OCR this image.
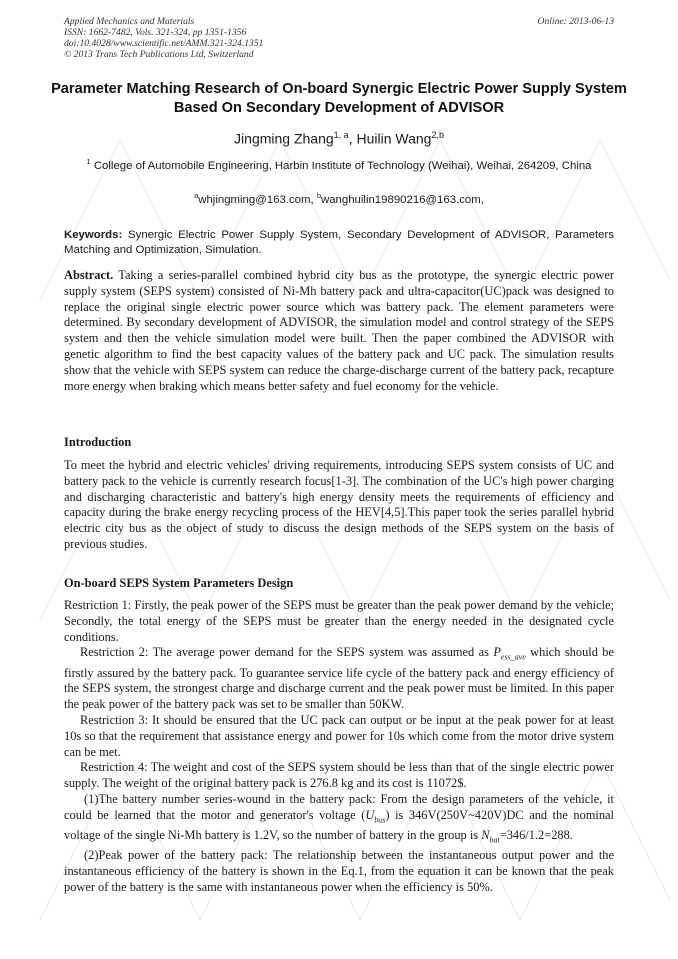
Applied Mechanics and Materials
ISSN: 1662-7482, Vols. 321-324, pp 1351-1356
doi:10.4028/www.scientific.net/AMM.321-324.1351
© 2013 Trans Tech Publications Ltd, Switzerland
Online: 2013-06-13
Parameter Matching Research of On-board Synergic Electric Power Supply System Based On Secondary Development of ADVISOR
Jingming Zhang$^{1, a}$, Huilin Wang$^{2,b}$
$^1$ College of Automobile Engineering, Harbin Institute of Technology (Weihai), Weihai, 264209, China
$^a$whjingming@163.com, $^b$wanghuilin19890216@163.com,
Keywords: Synergic Electric Power Supply System, Secondary Development of ADVISOR, Parameters Matching and Optimization, Simulation.
Abstract. Taking a series-parallel combined hybrid city bus as the prototype, the synergic electric power supply system (SEPS system) consisted of Ni-Mh battery pack and ultra-capacitor(UC)pack was designed to replace the original single electric power source which was battery pack. The element parameters were determined. By secondary development of ADVISOR, the simulation model and control strategy of the SEPS system and then the vehicle simulation model were built. Then the paper combined the ADVISOR with genetic algorithm to find the best capacity values of the battery pack and UC pack. The simulation results show that the vehicle with SEPS system can reduce the charge-discharge current of the battery pack, recapture more energy when braking which means better safety and fuel economy for the vehicle.
Introduction
To meet the hybrid and electric vehicles' driving requirements, introducing SEPS system consists of UC and battery pack to the vehicle is currently research focus[1-3]. The combination of the UC's high power charging and discharging characteristic and battery's high energy density meets the requirements of efficiency and capacity during the brake energy recycling process of the HEV[4,5].This paper took the series parallel hybrid electric city bus as the object of study to discuss the design methods of the SEPS system on the basis of previous studies.
On-board SEPS System Parameters Design

Restriction 1: Firstly, the peak power of the SEPS must be greater than the peak power demand by the vehicle; Secondly, the total energy of the SEPS must be greater than the energy needed in the designated cycle conditions.

Restriction 2: The average power demand for the SEPS system was assumed as $P_{ess\_ave}$ which should be firstly assured by the battery pack. To guarantee service life cycle of the battery pack and energy efficiency of the SEPS system, the strongest charge and discharge current and the peak power must be limited. In this paper the peak power of the battery pack was set to be smaller than 50KW.

Restriction 3: It should be ensured that the UC pack can output or be input at the peak power for at least 10s so that the requirement that assistance energy and power for 10s which come from the motor drive system can be met.

Restriction 4: The weight and cost of the SEPS system should be less than that of the single electric power supply. The weight of the original battery pack is 276.8 kg and its cost is 11072$.

(1)The battery number series-wound in the battery pack: From the design parameters of the vehicle, it could be learned that the motor and generator's voltage $(U_{bus})$ is 346V(250V~420V)DC and the nominal voltage of the single Ni-Mh battery is 1.2V, so the number of battery in the group is $N_{bat}=346/1.2=288$.

(2)Peak power of the battery pack: The relationship between the instantaneous output power and the instantaneous efficiency of the battery is shown in the Eq.1, from the equation it can be known that the peak power of the battery is the same with instantaneous power when the efficiency is 50%.
